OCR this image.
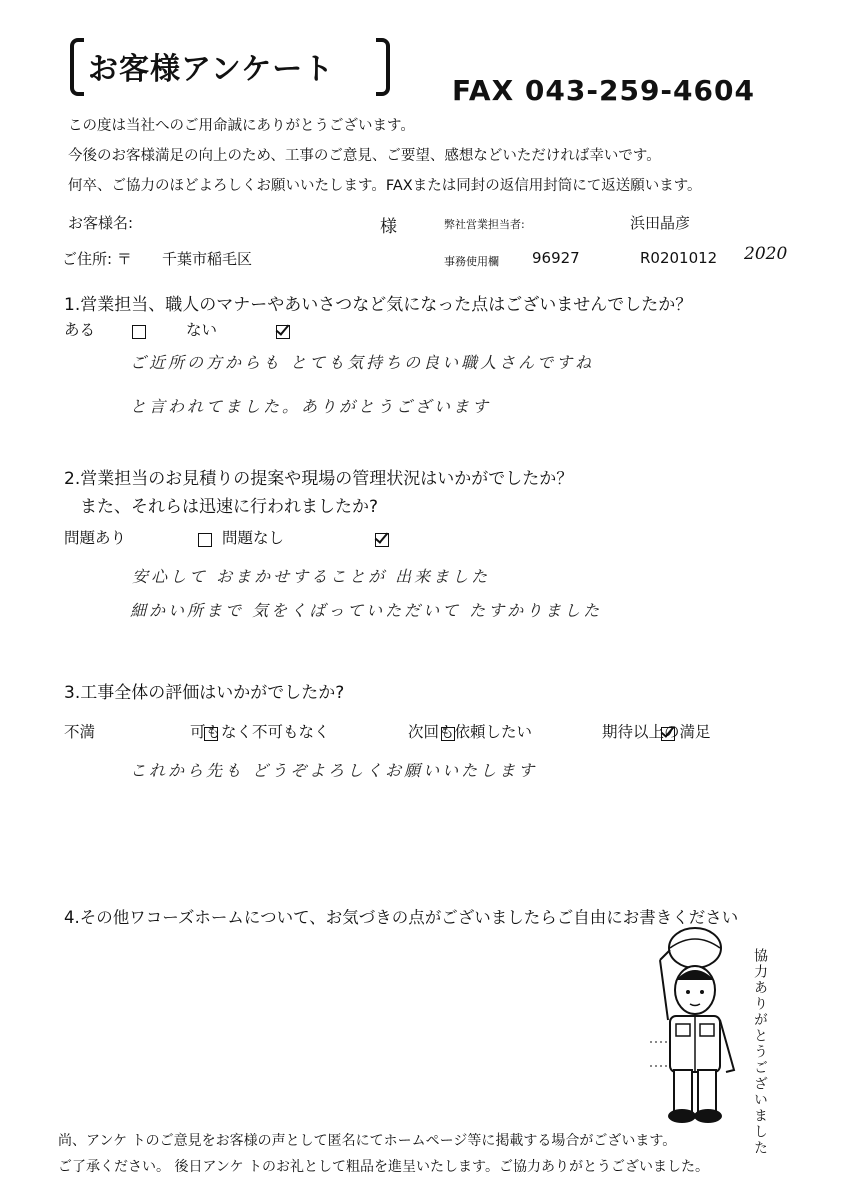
お客様アンケート
FAX 043-259-4604
この度は当社へのご用命誠にありがとうございます。
今後のお客様満足の向上のため、工事のご意見、ご要望、感想などいただければ幸いです。
何卒、ご協力のほどよろしくお願いいたします。FAXまたは同封の返信用封筒にて返送願います。
お客様名:	様	弊社営業担当者:	浜田晶彦
ご住所: 〒 千葉市稲毛区	事務使用欄 96927	R0201012 2020
1.営業担当、職人のマナーやあいさつなど気になった点はございませんでしたか？
ある
	ない

ご近所の方からも とても気持ちの良い職人さんですね
と言われてました。ありがとうございます
2.営業担当のお見積りの提案や現場の管理状況はいかがでしたか？
また、それらは迅速に行われましたか?
問題あり
	問題なし

安心して おまかせすることが 出来ました
細かい所まで 気をくばっていただいて たすかりました
3.工事全体の評価はいかがでしたか?
不満
	可もなく不可もなく
	次回も依頼したい
	期待以上の満足
これから先も どうぞよろしくお願いいたします
4.その他ワコーズホームについて、お気づきの点がございましたらご自由にお書きください
協力ありがとうございました
尚、アンケ トのご意見をお客様の声として匿名にてホームページ等に掲載する場合がございます。
ご了承ください。 後日アンケ トのお礼として粗品を進呈いたします。ご協力ありがとうございました。
